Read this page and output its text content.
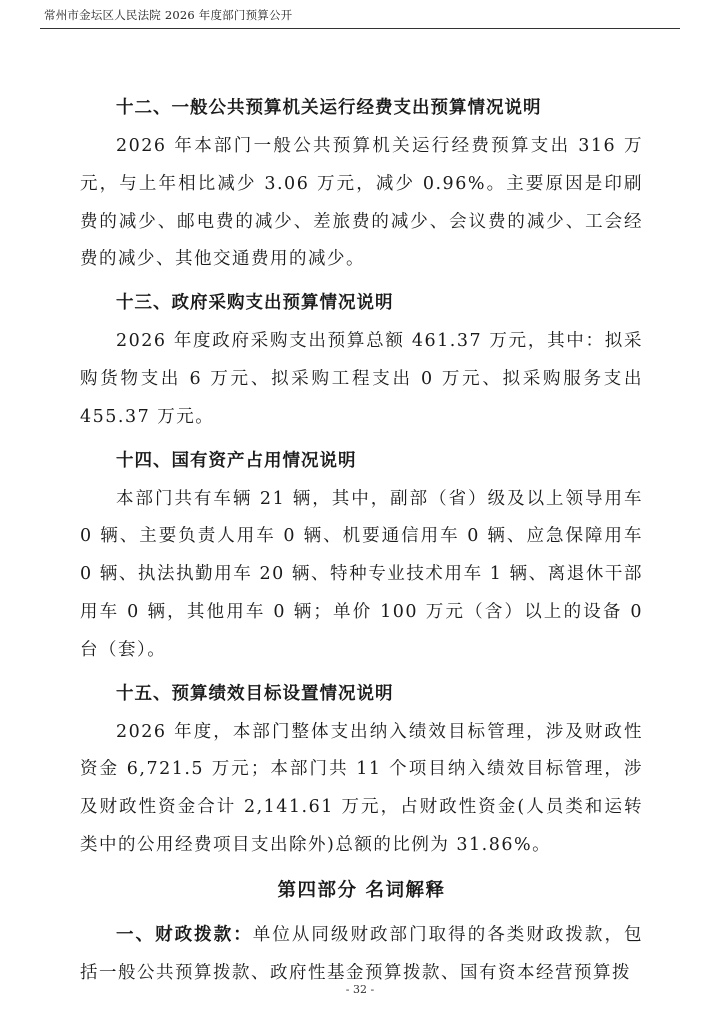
常州市金坛区人民法院 2026 年度部门预算公开
十二、一般公共预算机关运行经费支出预算情况说明

2026 年本部门一般公共预算机关运行经费预算支出 316 万元，与上年相比减少 3.06 万元，减少 0.96%。主要原因是印刷费的减少、邮电费的减少、差旅费的减少、会议费的减少、工会经费的减少、其他交通费用的减少。

十三、政府采购支出预算情况说明

2026 年度政府采购支出预算总额 461.37 万元，其中：拟采购货物支出 6 万元、拟采购工程支出 0 万元、拟采购服务支出 455.37 万元。

十四、国有资产占用情况说明

本部门共有车辆 21 辆，其中，副部（省）级及以上领导用车 0 辆、主要负责人用车 0 辆、机要通信用车 0 辆、应急保障用车 0 辆、执法执勤用车 20 辆、特种专业技术用车 1 辆、离退休干部用车 0 辆，其他用车 0 辆；单价 100 万元（含）以上的设备 0 台（套）。

十五、预算绩效目标设置情况说明

2026 年度，本部门整体支出纳入绩效目标管理，涉及财政性资金 6,721.5 万元；本部门共 11 个项目纳入绩效目标管理，涉及财政性资金合计 2,141.61 万元，占财政性资金(人员类和运转类中的公用经费项目支出除外)总额的比例为 31.86%。

第四部分 名词解释

一、财政拨款：单位从同级财政部门取得的各类财政拨款，包括一般公共预算拨款、政府性基金预算拨款、国有资本经营预算拨

- 32 -
